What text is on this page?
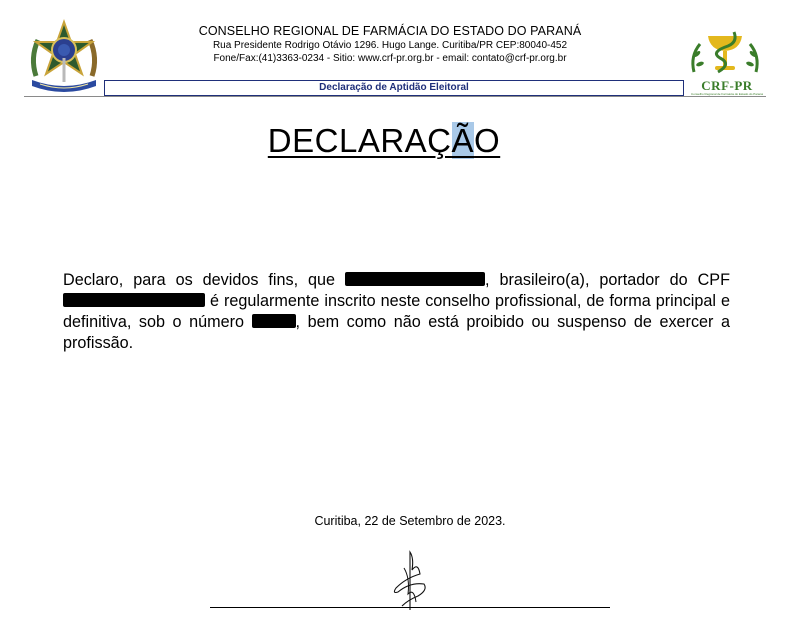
CONSELHO REGIONAL DE FARMÁCIA DO ESTADO DO PARANÁ
Rua Presidente Rodrigo Otávio 1296. Hugo Lange. Curitiba/PR CEP:80040-452
Fone/Fax:(41)3363-0234 - Sitio: www.crf-pr.org.br - email: contato@crf-pr.org.br
Declaração de Aptidão Eleitoral	CRF-PR
Conselho Regional de Farmácia do Estado do Paraná
DECLARAÇÃO
Declaro, para os devidos fins, que	, brasileiro(a), portador do CPF  é regularmente inscrito neste conselho profissional, de forma principal e definitiva, sob o número	, bem como não está proibido ou suspenso de exercer a profissão.
Curitiba, 22 de Setembro de 2023.
